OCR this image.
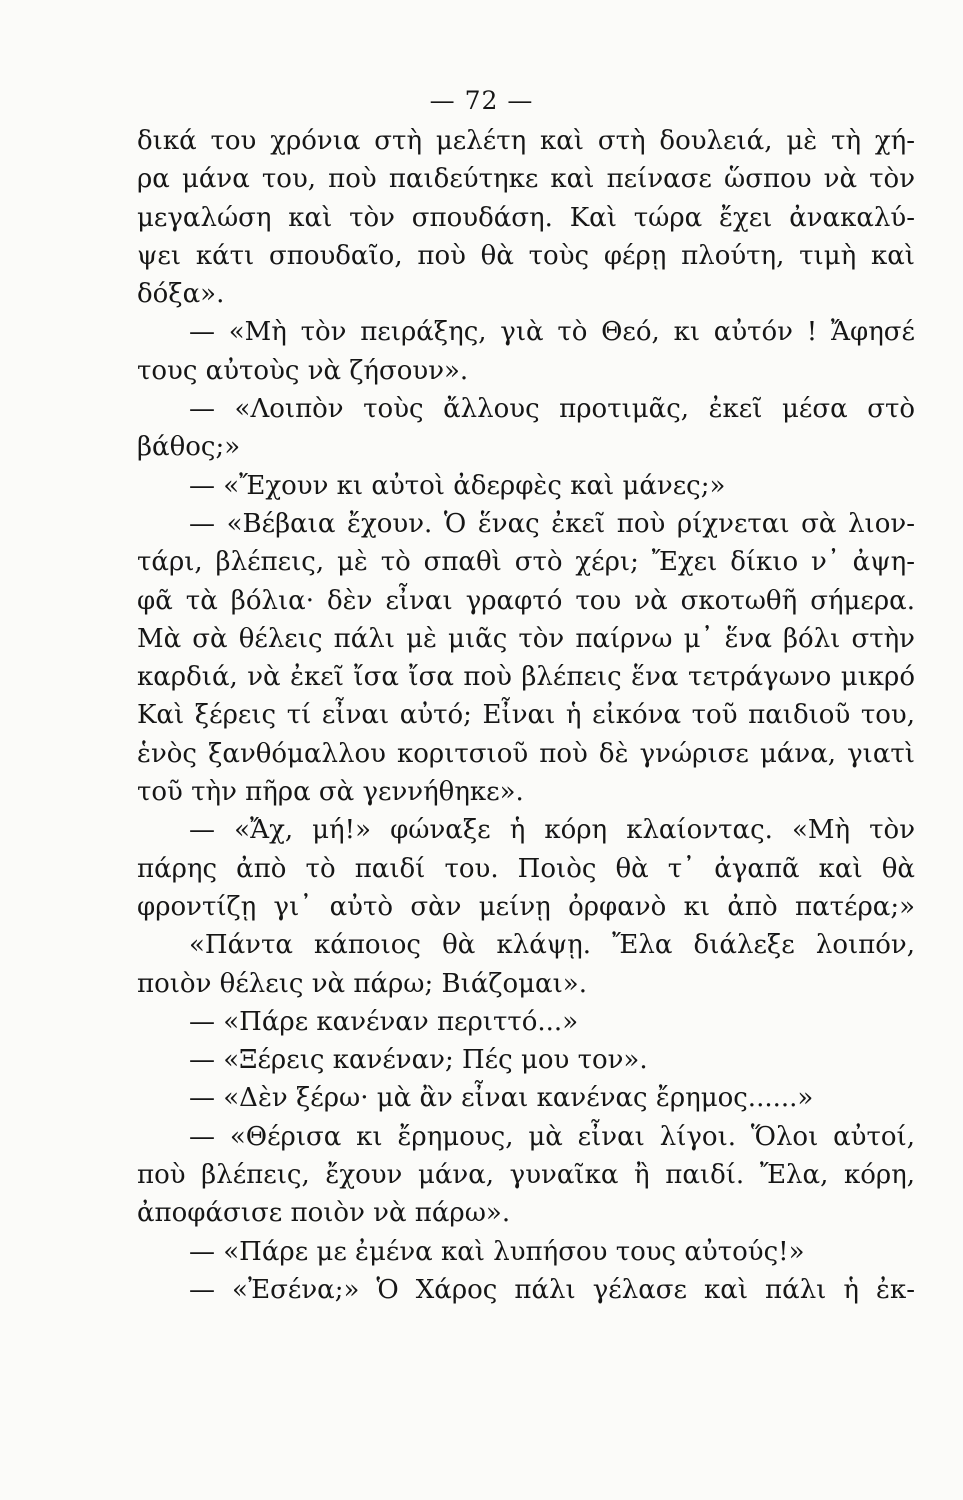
— 72 —
δικά του χρόνια στὴ μελέτη καὶ στὴ δουλειά, μὲ τὴ χή-
ρα μάνα του, ποὺ παιδεύτηκε καὶ πείνασε ὥσπου νὰ τὸν
μεγαλώση καὶ τὸν σπουδάση. Καὶ τώρα ἔχει ἀνακαλύ-
ψει κάτι σπουδαῖο, ποὺ θὰ τοὺς φέρῃ πλούτη, τιμὴ καὶ
δόξα».
— «Μὴ τὸν πειράξης, γιὰ τὸ Θεό, κι αὐτόν ! Ἄφησέ
τους αὐτοὺς νὰ ζήσουν».
— «Λοιπὸν τοὺς ἄλλους προτιμᾶς, ἐκεῖ μέσα στὸ
βάθος;»
— «Ἔχουν κι αὐτοὶ ἀδερφὲς καὶ μάνες;»
— «Βέβαια ἔχουν. Ὁ ἕνας ἐκεῖ ποὺ ρίχνεται σὰ λιον-
τάρι, βλέπεις, μὲ τὸ σπαθὶ στὸ χέρι; Ἔχει δίκιο ν᾽ ἀψη-
φᾶ τὰ βόλια· δὲν εἶναι γραφτό του νὰ σκοτωθῆ σήμερα.
Μὰ σὰ θέλεις πάλι μὲ μιᾶς τὸν παίρνω μ᾽ ἕνα βόλι στὴν
καρδιά, νὰ ἐκεῖ ἴσα ἴσα ποὺ βλέπεις ἕνα τετράγωνο μικρό
Καὶ ξέρεις τί εἶναι αὐτό; Εἶναι ἡ εἰκόνα τοῦ παιδιοῦ του,
ἑνὸς ξανθόμαλλου κοριτσιοῦ ποὺ δὲ γνώρισε μάνα, γιατὶ
τοῦ τὴν πῆρα σὰ γεννήθηκε».
— «Ἄχ, μή!» φώναξε ἡ κόρη κλαίοντας. «Μὴ τὸν
πάρης ἀπὸ τὸ παιδί του. Ποιὸς θὰ τ᾽ ἀγαπᾶ καὶ θὰ
φροντίζῃ γι᾽ αὐτὸ σὰν μείνῃ ὀρφανὸ κι ἀπὸ πατέρα;»
«Πάντα κάποιος θὰ κλάψῃ. Ἔλα διάλεξε λοιπόν,
ποιὸν θέλεις νὰ πάρω; Βιάζομαι».
— «Πάρε κανέναν περιττό...»
— «Ξέρεις κανέναν; Πές μου τον».
— «Δὲν ξέρω· μὰ ἂν εἶναι κανένας ἔρημος......»
— «Θέρισα κι ἔρημους, μὰ εἶναι λίγοι. Ὅλοι αὐτοί,
ποὺ βλέπεις, ἔχουν μάνα, γυναῖκα ἢ παιδί. Ἔλα, κόρη,
ἀποφάσισε ποιὸν νὰ πάρω».
— «Πάρε με ἐμένα καὶ λυπήσου τους αὐτούς!»
— «Ἐσένα;» Ὁ Χάρος πάλι γέλασε καὶ πάλι ἡ ἐκ-
